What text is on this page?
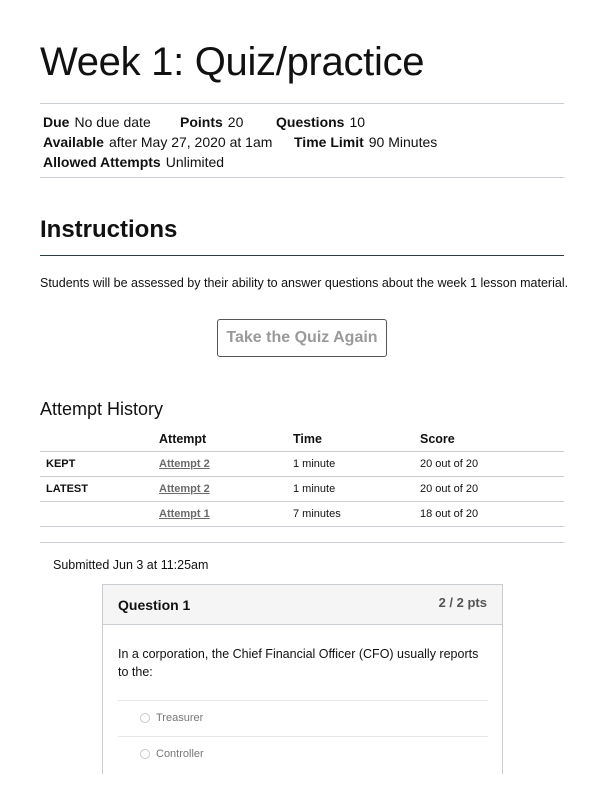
Week 1: Quiz/practice
Due No due date Points 20 Questions 10
Available after May 27, 2020 at 1am Time Limit 90 Minutes
Allowed Attempts Unlimited
Instructions

Students will be assessed by their ability to answer questions about the week 1 lesson material.

Take the Quiz Again
Attempt History
	Attempt	Time	Score
KEPT	Attempt 2	1 minute	20 out of 20
LATEST	Attempt 2	1 minute	20 out of 20
	Attempt 1	7 minutes	18 out of 20
Submitted Jun 3 at 11:25am
Question 1	2 / 2 pts

In a corporation, the Chief Financial Officer (CFO) usually reports to the:

Treasurer
Controller
